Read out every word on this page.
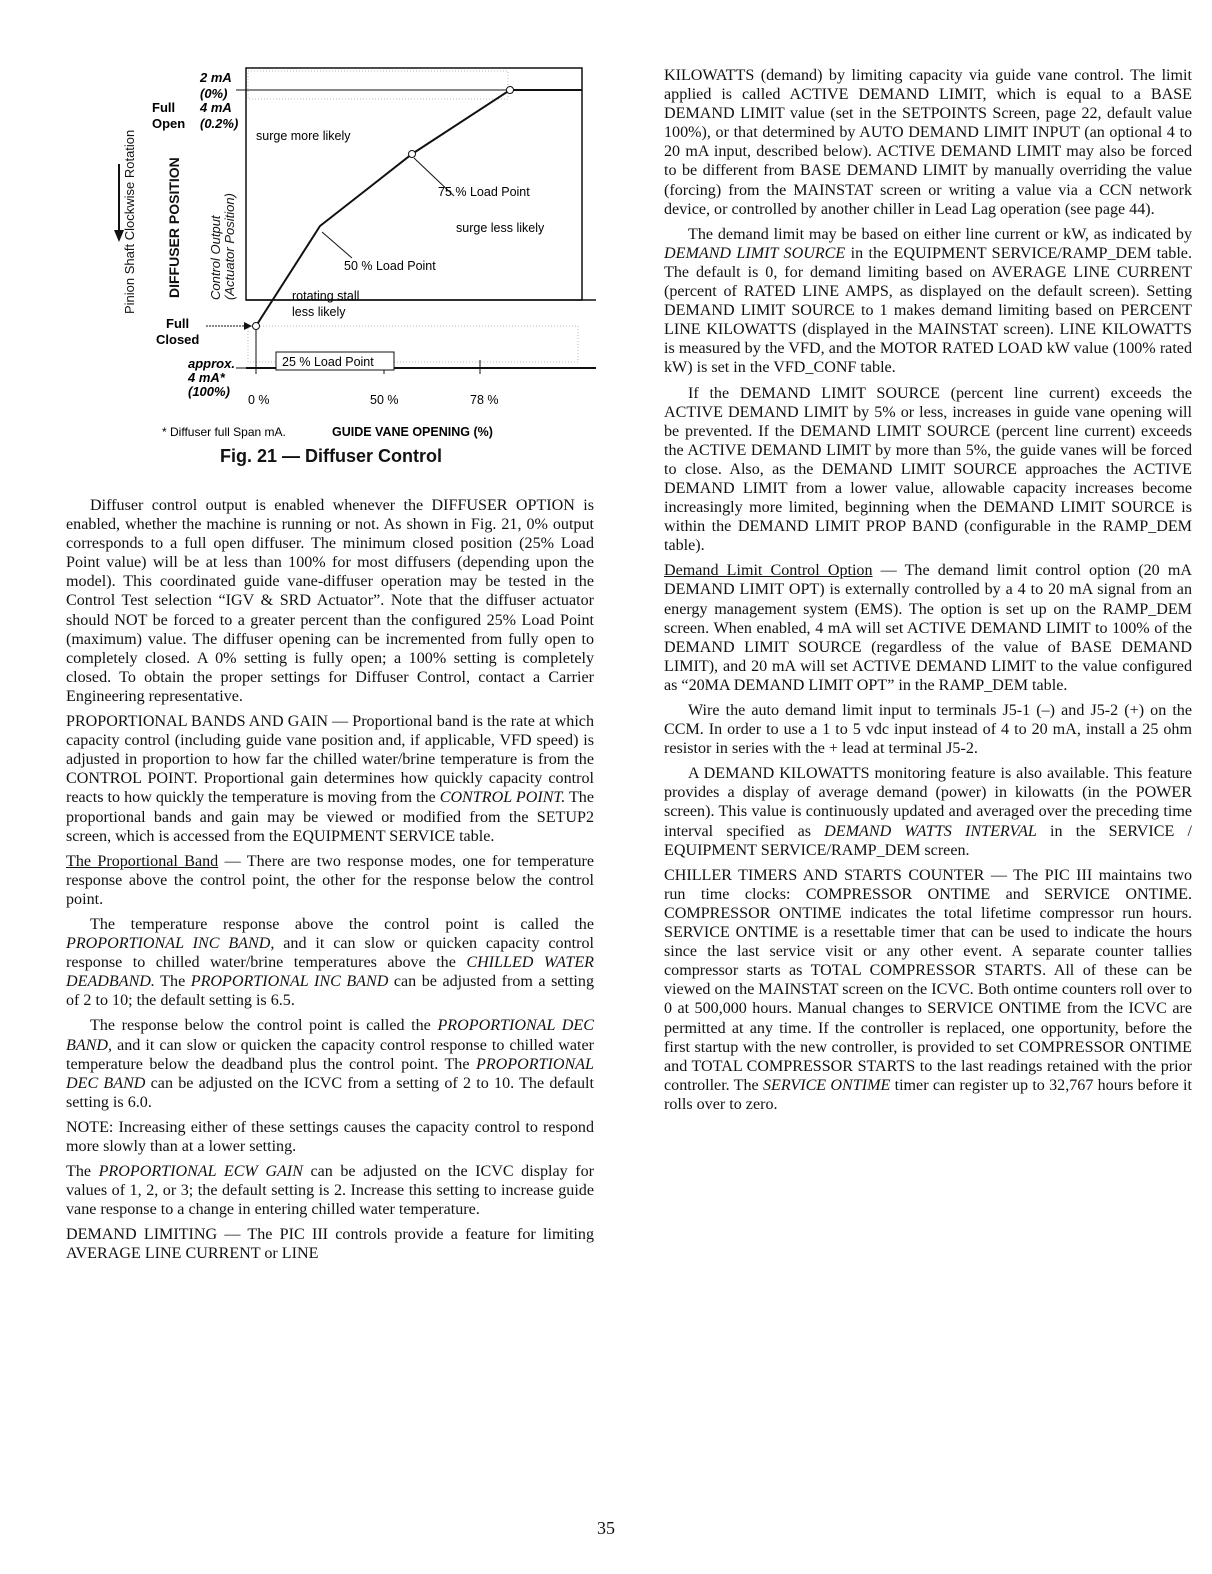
2 mA
(0%)
Full 4 mA
Open (0.2%)
surge more likely
75 % Load Point
surge less likely
50 % Load Point
rotating stall
less likely
Full
Closed
25 % Load Point
approx.
4 mA*
(100%)
0 %	50 %	78 %
* Diffuser full Span mA.	GUIDE VANE OPENING (%)
Pinion Shaft Clockwise Rotation DIFFUSER POSITION Control Output (Actuator Position)
Fig. 21 — Diffuser Control

Diffuser control output is enabled whenever the DIFFUSER OPTION is enabled, whether the machine is running or not. As shown in Fig. 21, 0% output corresponds to a full open diffuser. The minimum closed position (25% Load Point value) will be at less than 100% for most diffusers (depending upon the model). This coordinated guide vane-diffuser operation may be tested in the Control Test selection “IGV & SRD Actuator”. Note that the diffuser actuator should NOT be forced to a greater percent than the configured 25% Load Point (maximum) value. The diffuser opening can be incremented from fully open to completely closed. A 0% setting is fully open; a 100% setting is completely closed. To obtain the proper settings for Diffuser Control, contact a Carrier Engineering representative.

PROPORTIONAL BANDS AND GAIN — Proportional band is the rate at which capacity control (including guide vane position and, if applicable, VFD speed) is adjusted in proportion to how far the chilled water/brine temperature is from the CONTROL POINT. Proportional gain determines how quickly capacity control reacts to how quickly the temperature is moving from the CONTROL POINT. The proportional bands and gain may be viewed or modified from the SETUP2 screen, which is accessed from the EQUIPMENT SERVICE table.

The Proportional Band — There are two response modes, one for temperature response above the control point, the other for the response below the control point.

The temperature response above the control point is called the PROPORTIONAL INC BAND, and it can slow or quicken capacity control response to chilled water/brine temperatures above the CHILLED WATER DEADBAND. The PROPORTIONAL INC BAND can be adjusted from a setting of 2 to 10; the default setting is 6.5.

The response below the control point is called the PROPORTIONAL DEC BAND, and it can slow or quicken the capacity control response to chilled water temperature below the deadband plus the control point. The PROPORTIONAL DEC BAND can be adjusted on the ICVC from a setting of 2 to 10. The default setting is 6.0.

NOTE: Increasing either of these settings causes the capacity control to respond more slowly than at a lower setting.

The PROPORTIONAL ECW GAIN can be adjusted on the ICVC display for values of 1, 2, or 3; the default setting is 2. Increase this setting to increase guide vane response to a change in entering chilled water temperature.

DEMAND LIMITING — The PIC III controls provide a feature for limiting AVERAGE LINE CURRENT or LINE

KILOWATTS (demand) by limiting capacity via guide vane control. The limit applied is called ACTIVE DEMAND LIMIT, which is equal to a BASE DEMAND LIMIT value (set in the SETPOINTS Screen, page 22, default value 100%), or that determined by AUTO DEMAND LIMIT INPUT (an optional 4 to 20 mA input, described below). ACTIVE DEMAND LIMIT may also be forced to be different from BASE DEMAND LIMIT by manually overriding the value (forcing) from the MAINSTAT screen or writing a value via a CCN network device, or controlled by another chiller in Lead Lag operation (see page 44).

The demand limit may be based on either line current or kW, as indicated by DEMAND LIMIT SOURCE in the EQUIPMENT SERVICE/RAMP_DEM table. The default is 0, for demand limiting based on AVERAGE LINE CURRENT (percent of RATED LINE AMPS, as displayed on the default screen). Setting DEMAND LIMIT SOURCE to 1 makes demand limiting based on PERCENT LINE KILOWATTS (displayed in the MAINSTAT screen). LINE KILOWATTS is measured by the VFD, and the MOTOR RATED LOAD kW value (100% rated kW) is set in the VFD_CONF table.

If the DEMAND LIMIT SOURCE (percent line current) exceeds the ACTIVE DEMAND LIMIT by 5% or less, increases in guide vane opening will be prevented. If the DEMAND LIMIT SOURCE (percent line current) exceeds the ACTIVE DEMAND LIMIT by more than 5%, the guide vanes will be forced to close. Also, as the DEMAND LIMIT SOURCE approaches the ACTIVE DEMAND LIMIT from a lower value, allowable capacity increases become increasingly more limited, beginning when the DEMAND LIMIT SOURCE is within the DEMAND LIMIT PROP BAND (configurable in the RAMP_DEM table).

Demand Limit Control Option — The demand limit control option (20 mA DEMAND LIMIT OPT) is externally controlled by a 4 to 20 mA signal from an energy management system (EMS). The option is set up on the RAMP_DEM screen. When enabled, 4 mA will set ACTIVE DEMAND LIMIT to 100% of the DEMAND LIMIT SOURCE (regardless of the value of BASE DEMAND LIMIT), and 20 mA will set ACTIVE DEMAND LIMIT to the value configured as “20MA DEMAND LIMIT OPT” in the RAMP_DEM table.

Wire the auto demand limit input to terminals J5-1 (–) and J5-2 (+) on the CCM. In order to use a 1 to 5 vdc input instead of 4 to 20 mA, install a 25 ohm resistor in series with the + lead at terminal J5-2.

A DEMAND KILOWATTS monitoring feature is also available. This feature provides a display of average demand (power) in kilowatts (in the POWER screen). This value is continuously updated and averaged over the preceding time interval specified as DEMAND WATTS INTERVAL in the SERVICE / EQUIPMENT SERVICE/RAMP_DEM screen.

CHILLER TIMERS AND STARTS COUNTER — The PIC III maintains two run time clocks: COMPRESSOR ONTIME and SERVICE ONTIME. COMPRESSOR ONTIME indicates the total lifetime compressor run hours. SERVICE ONTIME is a resettable timer that can be used to indicate the hours since the last service visit or any other event. A separate counter tallies compressor starts as TOTAL COMPRESSOR STARTS. All of these can be viewed on the MAINSTAT screen on the ICVC. Both ontime counters roll over to 0 at 500,000 hours. Manual changes to SERVICE ONTIME from the ICVC are permitted at any time. If the controller is replaced, one opportunity, before the first startup with the new controller, is provided to set COMPRESSOR ONTIME and TOTAL COMPRESSOR STARTS to the last readings retained with the prior controller. The SERVICE ONTIME timer can register up to 32,767 hours before it rolls over to zero.

35
